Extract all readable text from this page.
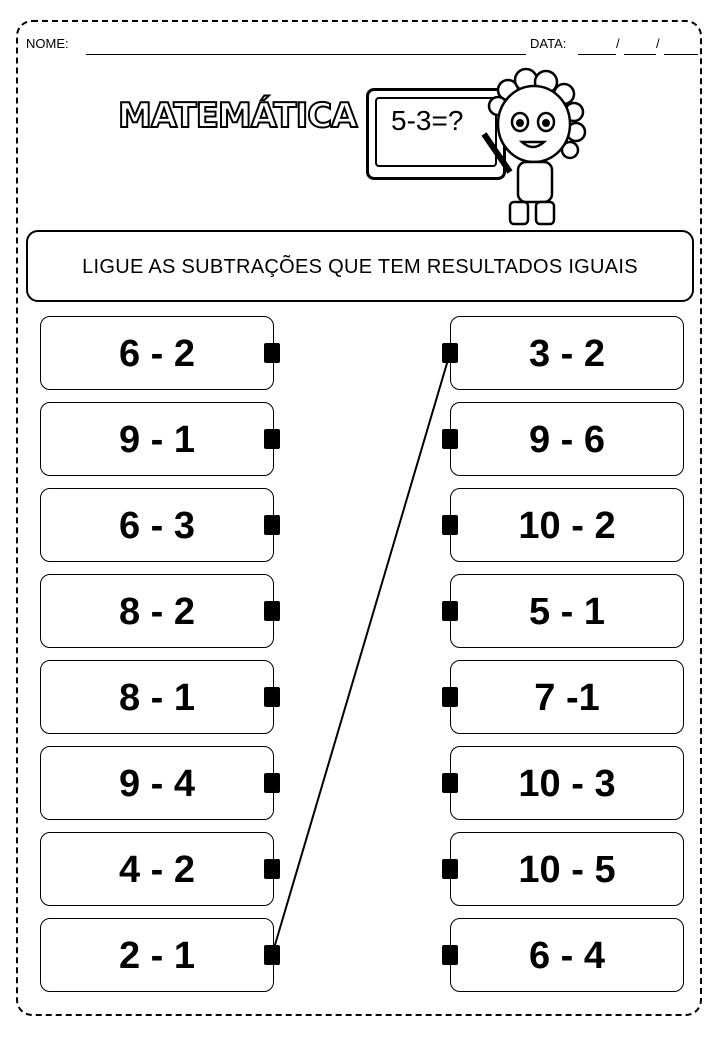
NOME:	DATA:	/	/
MATEMÁTICA 5-3=?
LIGUE AS SUBTRAÇÕES QUE TEM RESULTADOS IGUAIS
6 - 2
9 - 1
6 - 3
8 - 2
8 - 1
9 - 4
4 - 2
2 - 1
3 - 2
9 - 6
10 - 2
5 - 1
7 -1
10 - 3
10 - 5
6 - 4
